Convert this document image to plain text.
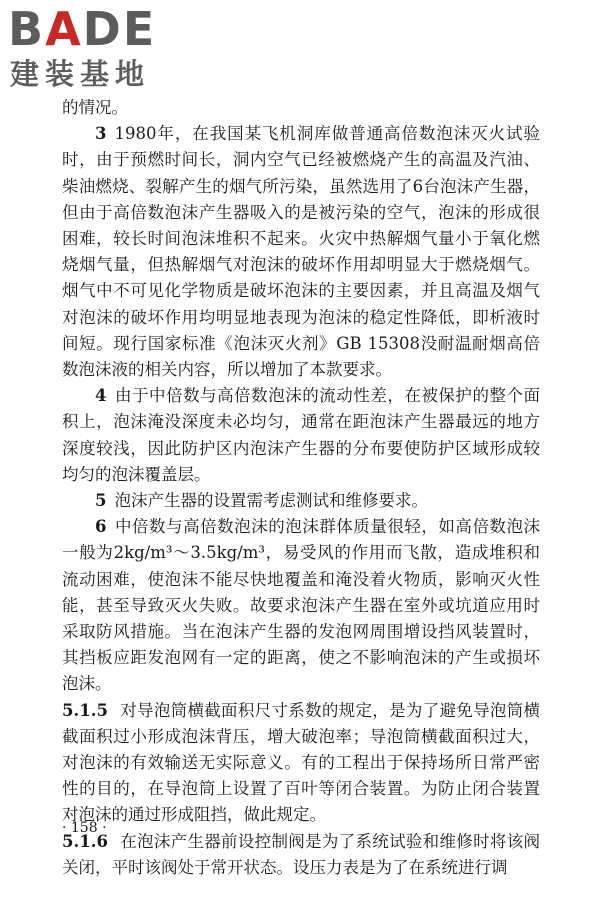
BADE
建装基地

的情况。

3 1980年，在我国某飞机洞库做普通高倍数泡沫灭火试验时，由于预燃时间长，洞内空气已经被燃烧产生的高温及汽油、柴油燃烧、裂解产生的烟气所污染，虽然选用了6台泡沫产生器，但由于高倍数泡沫产生器吸入的是被污染的空气，泡沫的形成很困难，较长时间泡沫堆积不起来。火灾中热解烟气量小于氧化燃烧烟气量，但热解烟气对泡沫的破坏作用却明显大于燃烧烟气。烟气中不可见化学物质是破坏泡沫的主要因素，并且高温及烟气对泡沫的破坏作用均明显地表现为泡沫的稳定性降低，即析液时间短。现行国家标准《泡沫灭火剂》GB 15308没耐温耐烟高倍数泡沫液的相关内容，所以增加了本款要求。

4 由于中倍数与高倍数泡沫的流动性差，在被保护的整个面积上，泡沫淹没深度未必均匀，通常在距泡沫产生器最远的地方深度较浅，因此防护区内泡沫产生器的分布要使防护区域形成较均匀的泡沫覆盖层。

5 泡沫产生器的设置需考虑测试和维修要求。

6 中倍数与高倍数泡沫的泡沫群体质量很轻，如高倍数泡沫一般为2kg/m³～3.5kg/m³，易受风的作用而飞散，造成堆积和流动困难，使泡沫不能尽快地覆盖和淹没着火物质，影响灭火性能，甚至导致灭火失败。故要求泡沫产生器在室外或坑道应用时采取防风措施。当在泡沫产生器的发泡网周围增设挡风装置时，其挡板应距发泡网有一定的距离，使之不影响泡沫的产生或损坏泡沫。

5.1.5 对导泡筒横截面积尺寸系数的规定，是为了避免导泡筒横截面积过小形成泡沫背压，增大破泡率；导泡筒横截面积过大，对泡沫的有效输送无实际意义。有的工程出于保持场所日常严密性的目的，在导泡筒上设置了百叶等闭合装置。为防止闭合装置对泡沫的通过形成阻挡，做此规定。

5.1.6 在泡沫产生器前设控制阀是为了系统试验和维修时将该阀关闭，平时该阀处于常开状态。设压力表是为了在系统进行调

· 158 ·
